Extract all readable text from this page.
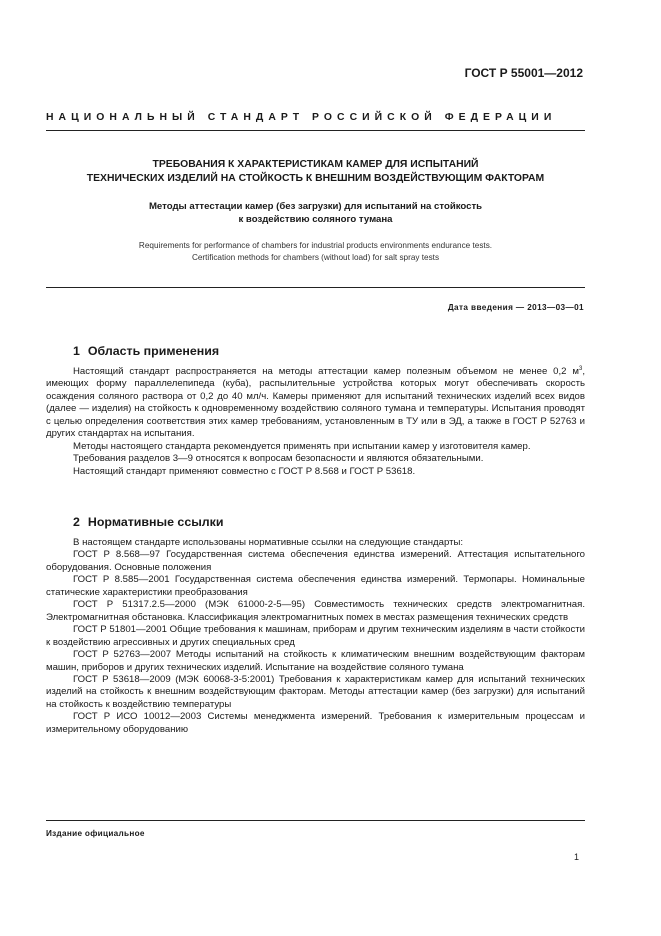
ГОСТ Р 55001—2012
НАЦИОНАЛЬНЫЙ СТАНДАРТ РОССИЙСКОЙ ФЕДЕРАЦИИ
ТРЕБОВАНИЯ К ХАРАКТЕРИСТИКАМ КАМЕР ДЛЯ ИСПЫТАНИЙ
ТЕХНИЧЕСКИХ ИЗДЕЛИЙ НА СТОЙКОСТЬ К ВНЕШНИМ ВОЗДЕЙСТВУЮЩИМ ФАКТОРАМ
Методы аттестации камер (без загрузки) для испытаний на стойкость
к воздействию соляного тумана
Requirements for performance of chambers for industrial products environments endurance tests.
Certification methods for chambers (without load) for salt spray tests
Дата введения — 2013—03—01
1 Область применения

Настоящий стандарт распространяется на методы аттестации камер полезным объемом не менее 0,2 $м^3$, имеющих форму параллелепипеда (куба), распылительные устройства которых могут обеспечивать скорость осаждения соляного раствора от 0,2 до 40 мл/ч. Камеры применяют для испытаний технических изделий всех видов (далее — изделия) на стойкость к одновременному воздействию соляного тумана и температуры. Испытания проводят с целью определения соответствия этих камер требованиям, установленным в ТУ или в ЭД, а также в ГОСТ Р 52763 и других стандартах на испытания.

Методы настоящего стандарта рекомендуется применять при испытании камер у изготовителя камер.

Требования разделов 3—9 относятся к вопросам безопасности и являются обязательными.

Настоящий стандарт применяют совместно с ГОСТ Р 8.568 и ГОСТ Р 53618.

2 Нормативные ссылки

В настоящем стандарте использованы нормативные ссылки на следующие стандарты:

ГОСТ Р 8.568—97 Государственная система обеспечения единства измерений. Аттестация испытательного оборудования. Основные положения

ГОСТ Р 8.585—2001 Государственная система обеспечения единства измерений. Термопары. Номинальные статические характеристики преобразования

ГОСТ Р 51317.2.5—2000 (МЭК 61000-2-5—95) Совместимость технических средств электромагнитная. Электромагнитная обстановка. Классификация электромагнитных помех в местах размещения технических средств

ГОСТ Р 51801—2001 Общие требования к машинам, приборам и другим техническим изделиям в части стойкости к воздействию агрессивных и других специальных сред

ГОСТ Р 52763—2007 Методы испытаний на стойкость к климатическим внешним воздействующим факторам машин, приборов и других технических изделий. Испытание на воздействие соляного тумана

ГОСТ Р 53618—2009 (МЭК 60068-3-5:2001) Требования к характеристикам камер для испытаний технических изделий на стойкость к внешним воздействующим факторам. Методы аттестации камер (без загрузки) для испытаний на стойкость к воздействию температуры

ГОСТ Р ИСО 10012—2003 Системы менеджмента измерений. Требования к измерительным процессам и измерительному оборудованию

Издание официальное
1
